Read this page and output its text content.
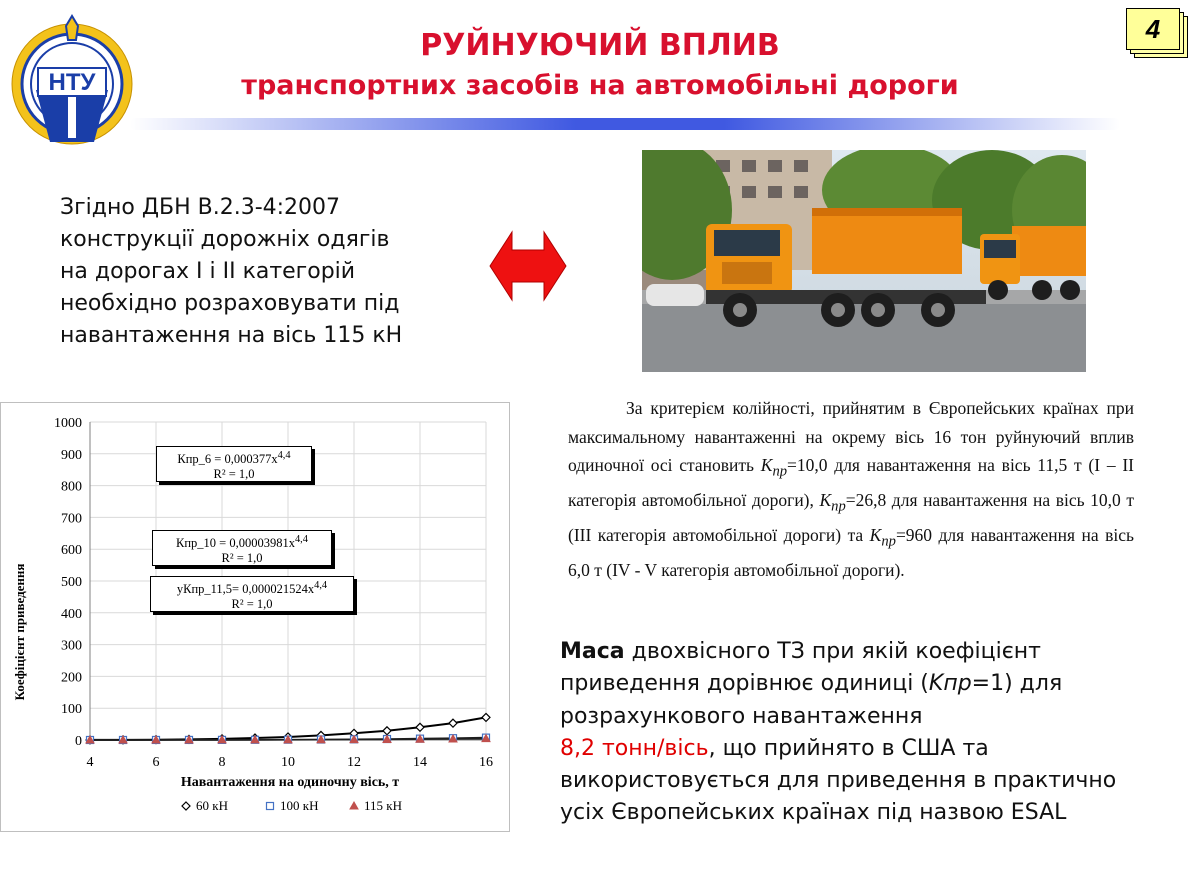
НТУ
РУЙНУЮЧИЙ ВПЛИВ
транспортних засобів на автомобільні дороги
4
Згідно ДБН В.2.3-4:2007
конструкції дорожніх одягів
на дорогах І і ІІ категорій
необхідно розраховувати під
навантаження на вісь 115 кН
За критерієм колійності, прийнятим в Європейських країнах при максимальному навантаженні на окрему вісь 16 тон руйнуючий вплив одиночної осі становить $K_{пр}=10,0$ для навантаження на вісь 11,5 т (І – ІІ категорія автомобільної дороги), $K_{пр}=26,8$ для навантаження на вісь 10,0 т (ІІІ категорія автомобільної дороги) та $K_{пр}=960$ для навантаження на вісь 6,0 т (IV - V категорія автомобільної дороги).
Маса двохвісного ТЗ при якій коефіцієнт приведення дорівнює одиниці (Kпр=1) для розрахункового навантаження
8,2 тонн/вісь, що прийнято в США та використовується для приведення в практично усіх Європейських країнах під назвою ESAL
0
100
200
300
400
500
600
700
800
900
1000
4	6	8	10	12	14	16
Навантаження на одиночну вісь, т
Коефіцієнт приведення
60 кН	100 кН	115 кН
Кпр_6 = $0,000377x^{4,4}$
R² = 1,0
Кпр_10 = $0,00003981x^{4,4}$
R² = 1,0
yКпр_11,5= $0,000021524x^{4,4}$
R² = 1,0
